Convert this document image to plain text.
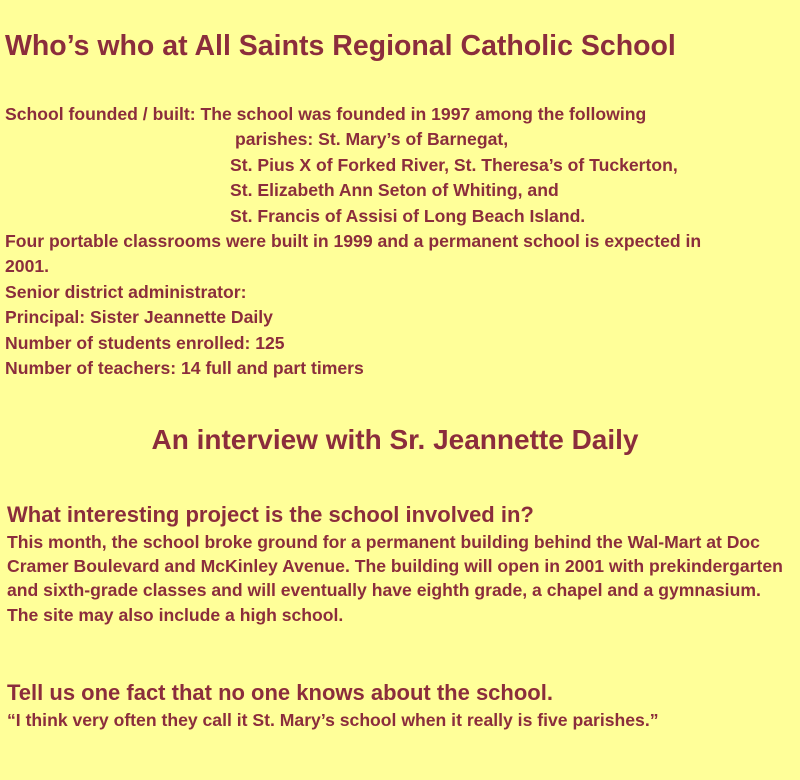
Who’s who at All Saints Regional Catholic School
School founded / built: The school was founded in 1997 among the following
parishes: St. Mary’s of Barnegat,
St. Pius X of Forked River, St. Theresa’s of Tuckerton,
St. Elizabeth Ann Seton of Whiting, and
St. Francis of Assisi of Long Beach Island.
Four portable classrooms were built in 1999 and a permanent school is expected in 2001.
Senior district administrator:
Principal: Sister Jeannette Daily
Number of students enrolled: 125
Number of teachers: 14 full and part timers
An interview with Sr. Jeannette Daily
What interesting project is the school involved in?

This month, the school broke ground for a permanent building behind the Wal-Mart at Doc Cramer Boulevard and McKinley Avenue. The building will open in 2001 with prekindergarten and sixth-grade classes and will eventually have eighth grade, a chapel and a gymnasium. The site may also include a high school.

Tell us one fact that no one knows about the school.

“I think very often they call it St. Mary’s school when it really is five parishes.”
